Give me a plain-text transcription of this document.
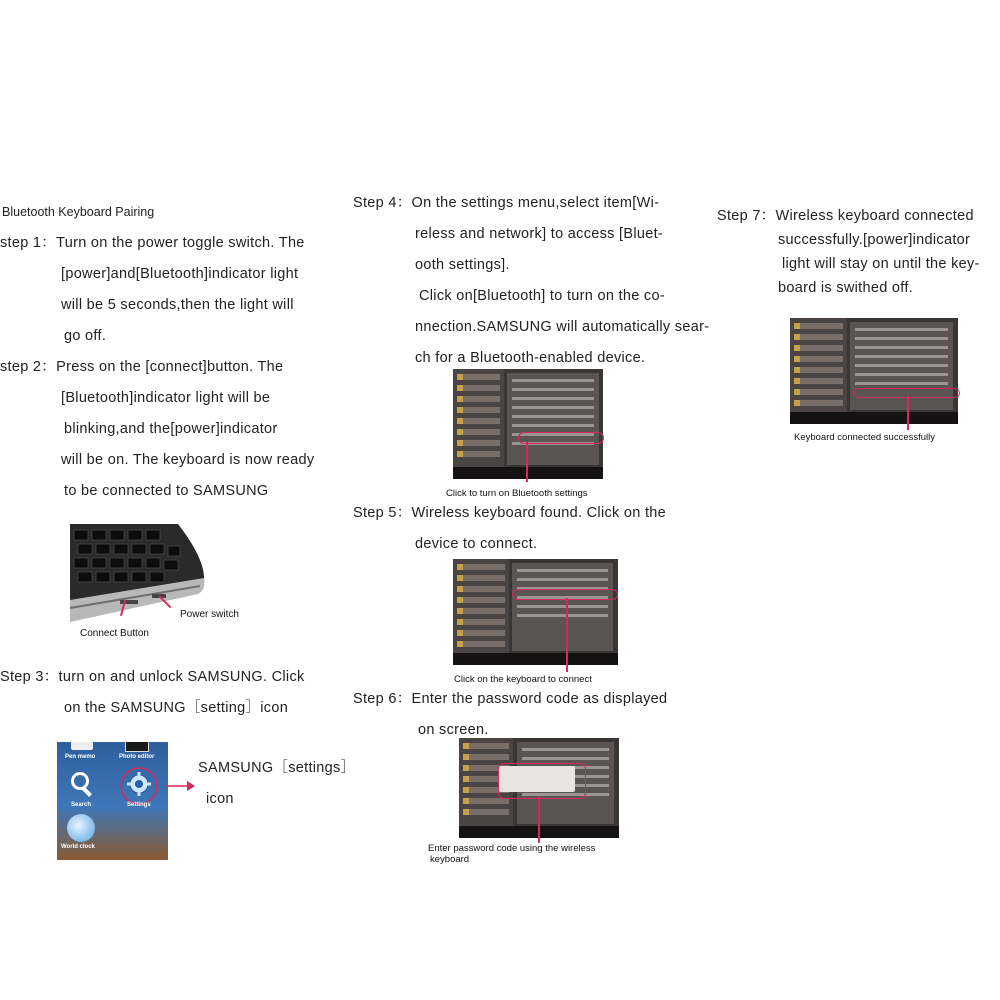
Bluetooth Keyboard Pairing
step 1：Turn on the power toggle switch. The
[power]and[Bluetooth]indicator light
will be 5 seconds,then the light will
go off.
step 2：Press on the [connect]button. The
[Bluetooth]indicator light will be
blinking,and the[power]indicator
will be on. The keyboard is now ready
to be connected to SAMSUNG
Power switch
Connect Button
Step 3：turn on and unlock SAMSUNG. Click
on the SAMSUNG［setting］icon
Pen memo	Photo editor
Search	Settings
World clock
SAMSUNG［settings］
icon
Step 4：On the settings menu,select item[Wi-
reless and network] to access [Bluet-
ooth settings].
Click on[Bluetooth] to turn on the co-
nnection.SAMSUNG will automatically sear-
ch for a Bluetooth-enabled device.
Click to turn on Bluetooth settings
Step 5：Wireless keyboard found. Click on the
device to connect.
Click on the keyboard to connect
Step 6：Enter the password code as displayed
on screen.
Enter password code using the wireless
keyboard
Step 7：Wireless keyboard connected
successfully.[power]indicator
light will stay on until the key-
board is swithed off.
Keyboard connected successfully
